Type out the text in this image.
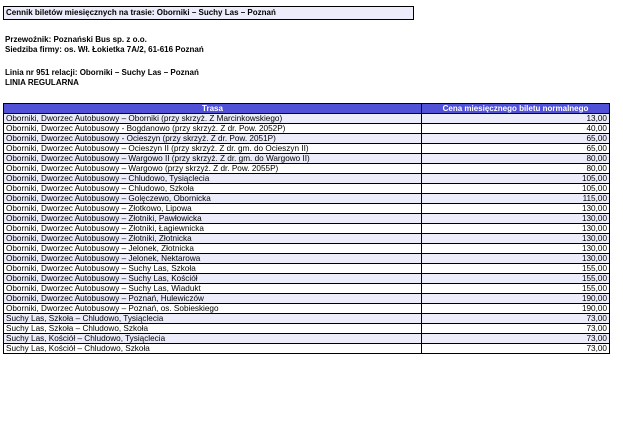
Cennik biletów miesięcznych na trasie: Oborniki – Suchy Las – Poznań
Przewoźnik: Poznański Bus sp. z o.o.
Siedziba firmy: os. Wł. Łokietka 7A/2, 61-616 Poznań
Linia nr 951 relacji: Oborniki – Suchy Las – Poznań
LINIA REGULARNA
Trasa	Cena miesięcznego biletu normalnego
Oborniki, Dworzec Autobusowy – Oborniki (przy skrzyż. Z Marcinkowskiego)	13,00
Oborniki, Dworzec Autobusowy - Bogdanowo (przy skrzyż. Z dr. Pow. 2052P)	40,00
Oborniki, Dworzec Autobusowy - Ocieszyn (przy skrzyż. Z dr. Pow. 2051P)	65,00
Oborniki, Dworzec Autobusowy – Ocieszyn II (przy skrzyż. Z dr. gm. do Ocieszyn II)	65,00
Oborniki, Dworzec Autobusowy – Wargowo II (przy skrzyż. Z dr. gm. do Wargowo II)	80,00
Oborniki, Dworzec Autobusowy – Wargowo (przy skrzyż. Z dr. Pow. 2055P)	80,00
Oborniki, Dworzec Autobusowy – Chludowo, Tysiąclecia	105,00
Oborniki, Dworzec Autobusowy – Chludowo, Szkoła	105,00
Oborniki, Dworzec Autobusowy – Golęczewo, Obornicka	115,00
Oborniki, Dworzec Autobusowy – Złotkowo, Lipowa	130,00
Oborniki, Dworzec Autobusowy – Złotniki, Pawłowicka	130,00
Oborniki, Dworzec Autobusowy – Złotniki, Łagiewnicka	130,00
Oborniki, Dworzec Autobusowy – Złotniki, Złotnicka	130,00
Oborniki, Dworzec Autobusowy – Jelonek, Złotnicka	130,00
Oborniki, Dworzec Autobusowy – Jelonek, Nektarowa	130,00
Oborniki, Dworzec Autobusowy – Suchy Las, Szkoła	155,00
Oborniki, Dworzec Autobusowy – Suchy Las, Kościół	155,00
Oborniki, Dworzec Autobusowy – Suchy Las, Wiadukt	155,00
Oborniki, Dworzec Autobusowy – Poznań, Hulewiczów	190,00
Oborniki, Dworzec Autobusowy – Poznań, os. Sobieskiego	190,00
Suchy Las, Szkoła – Chludowo, Tysiąclecia	73,00
Suchy Las, Szkoła – Chludowo, Szkoła	73,00
Suchy Las, Kościół – Chludowo, Tysiąclecia	73,00
Suchy Las, Kościół – Chludowo, Szkoła	73,00
